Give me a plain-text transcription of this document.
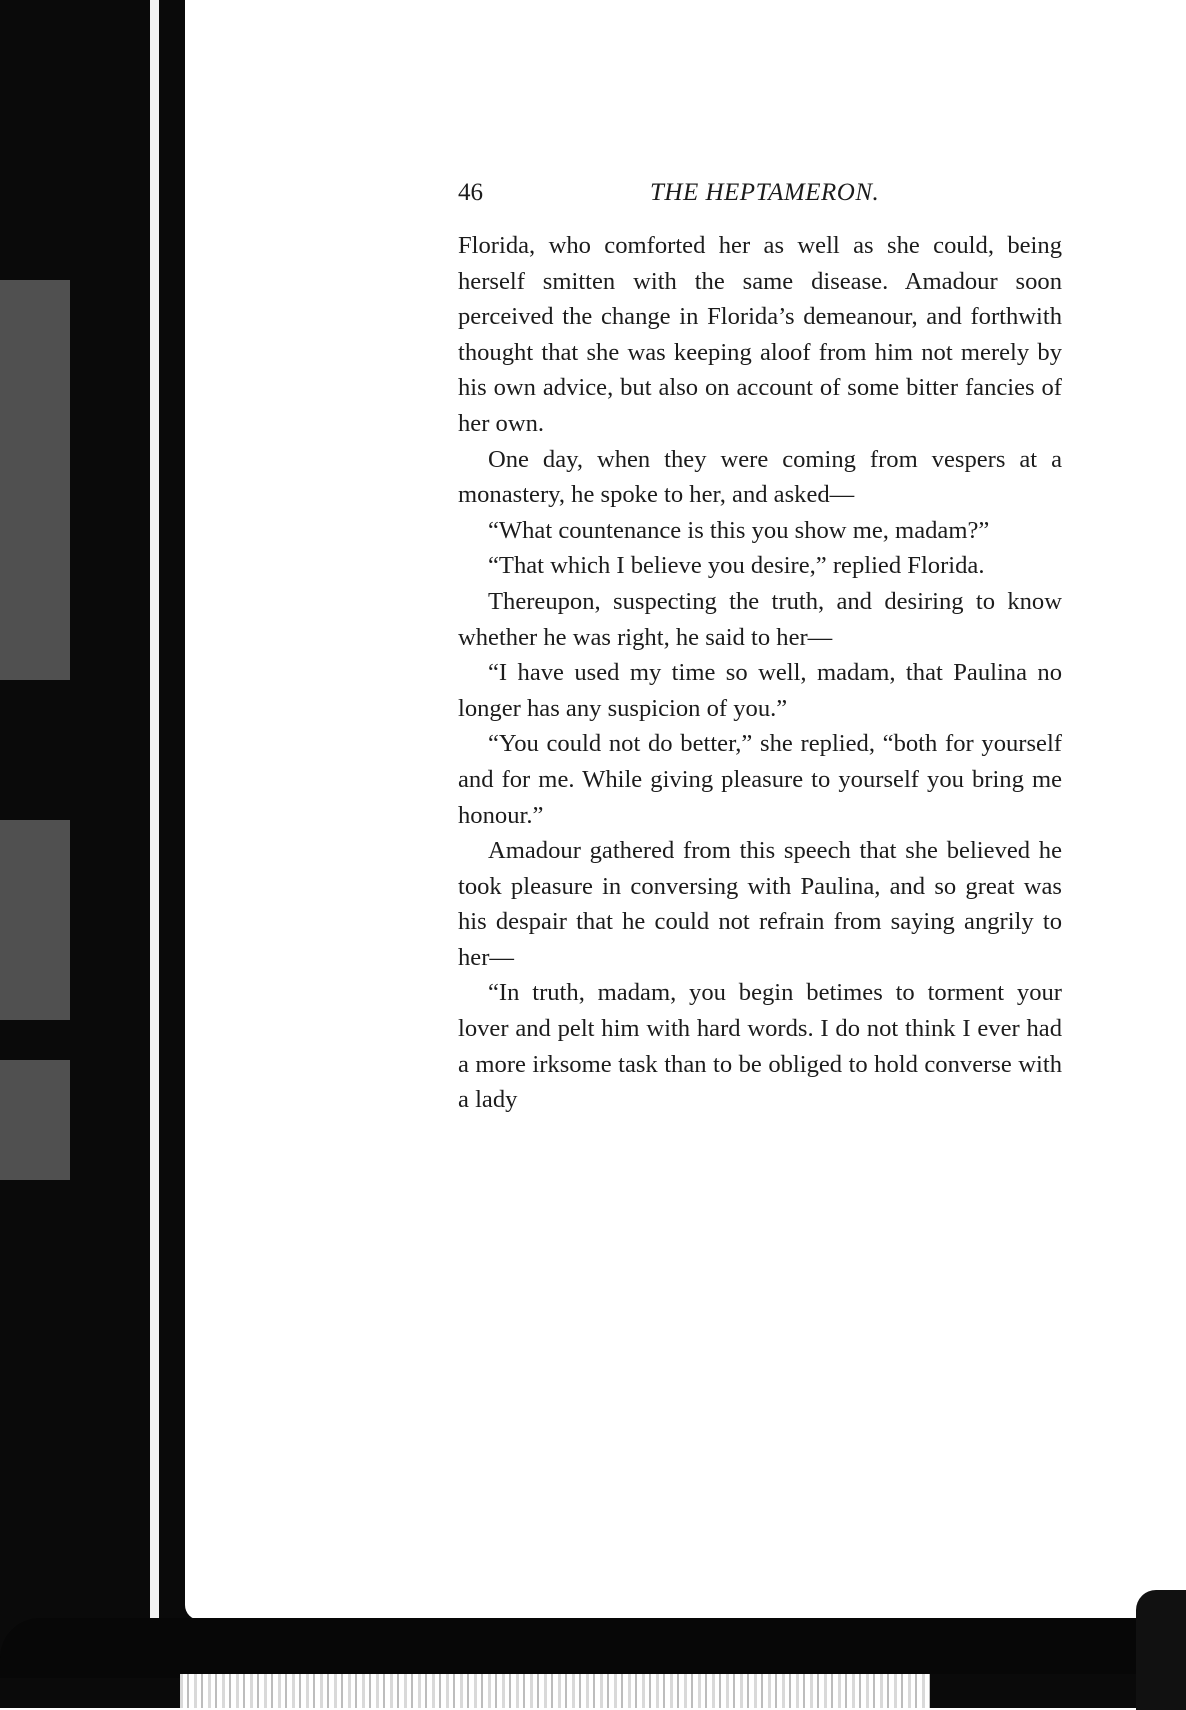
46	THE HEPTAMERON.

Florida, who comforted her as well as she could, being herself smitten with the same disease. Amadour soon perceived the change in Florida’s demeanour, and forthwith thought that she was keeping aloof from him not merely by his own advice, but also on account of some bitter fancies of her own.

One day, when they were coming from vespers at a monastery, he spoke to her, and asked—

“What countenance is this you show me, madam?”

“That which I believe you desire,” replied Florida.

Thereupon, suspecting the truth, and desiring to know whether he was right, he said to her—

“I have used my time so well, madam, that Paulina no longer has any suspicion of you.”

“You could not do better,” she replied, “both for yourself and for me. While giving pleasure to yourself you bring me honour.”

Amadour gathered from this speech that she believed he took pleasure in conversing with Paulina, and so great was his despair that he could not refrain from saying angrily to her—

“In truth, madam, you begin betimes to torment your lover and pelt him with hard words. I do not think I ever had a more irksome task than to be obliged to hold converse with a lady
